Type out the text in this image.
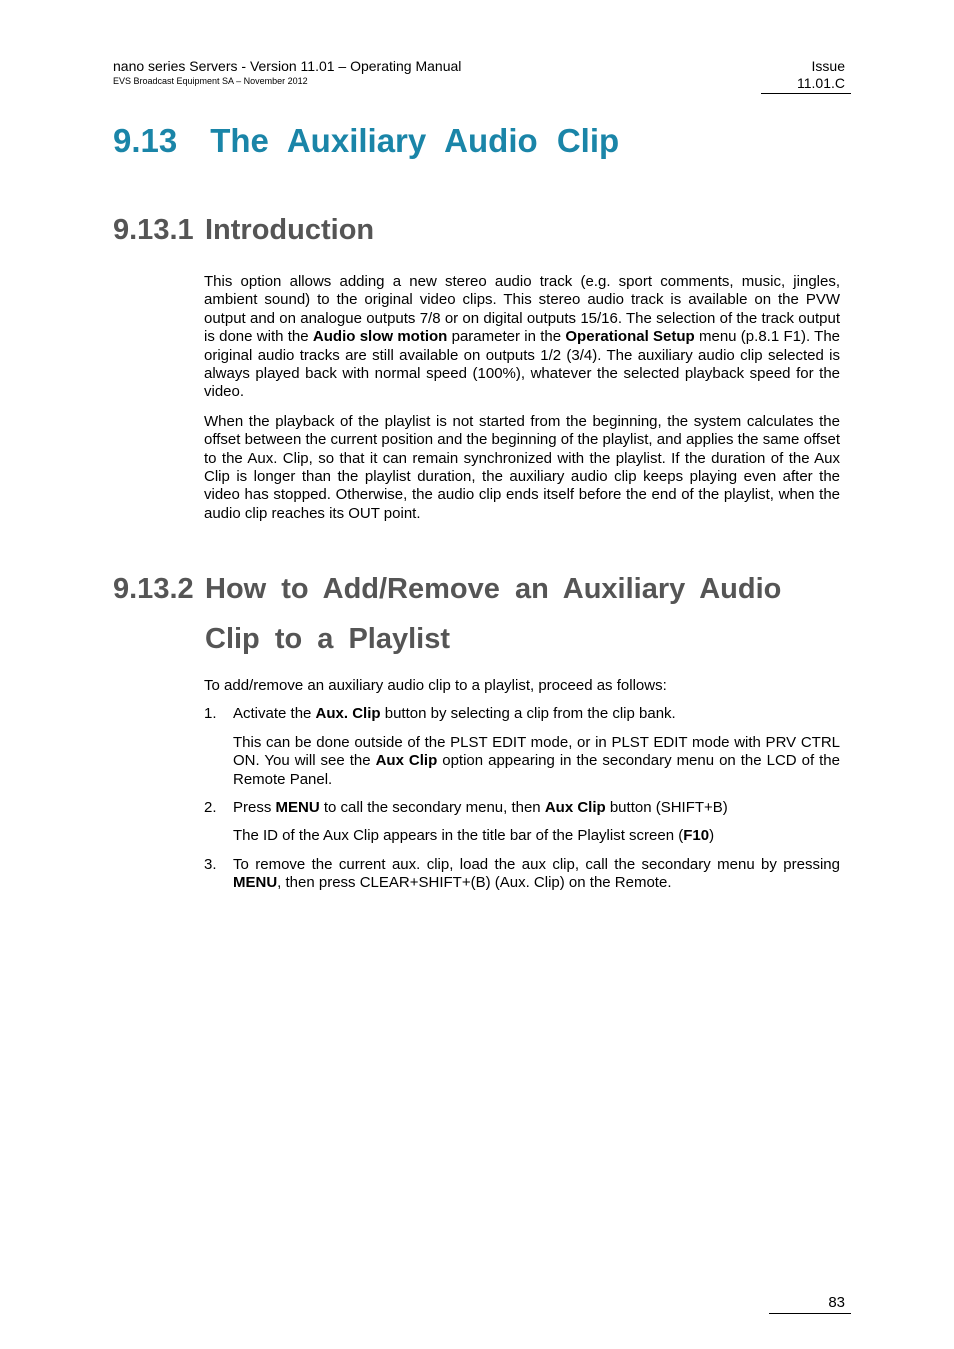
nano series Servers - Version 11.01 – Operating Manual
EVS Broadcast Equipment SA – November 2012
Issue
11.01.C
9.13  The Auxiliary Audio Clip
9.13.1 Introduction

This option allows adding a new stereo audio track (e.g. sport comments, music, jingles, ambient sound) to the original video clips. This stereo audio track is available on the PVW output and on analogue outputs 7/8 or on digital outputs 15/16. The selection of the track output is done with the Audio slow motion parameter in the Operational Setup menu (p.8.1 F1). The original audio tracks are still available on outputs 1/2 (3/4). The auxiliary audio clip selected is always played back with normal speed (100%), whatever the selected playback speed for the video.

When the playback of the playlist is not started from the beginning, the system calculates the offset between the current position and the beginning of the playlist, and applies the same offset to the Aux. Clip, so that it can remain synchronized with the playlist. If the duration of the Aux Clip is longer than the playlist duration, the auxiliary audio clip keeps playing even after the video has stopped. Otherwise, the audio clip ends itself before the end of the playlist, when the audio clip reaches its OUT point.

9.13.2 How to Add/Remove an Auxiliary Audio
Clip to a Playlist

To add/remove an auxiliary audio clip to a playlist, proceed as follows:

1. Activate the Aux. Clip button by selecting a clip from the clip bank.

This can be done outside of the PLST EDIT mode, or in PLST EDIT mode with PRV CTRL ON. You will see the Aux Clip option appearing in the secondary menu on the LCD of the Remote Panel.

2. Press MENU to call the secondary menu, then Aux Clip button (SHIFT+B)

The ID of the Aux Clip appears in the title bar of the Playlist screen (F10)

3. To remove the current aux. clip, load the aux clip, call the secondary menu by pressing MENU, then press CLEAR+SHIFT+(B) (Aux. Clip) on the Remote.

83
